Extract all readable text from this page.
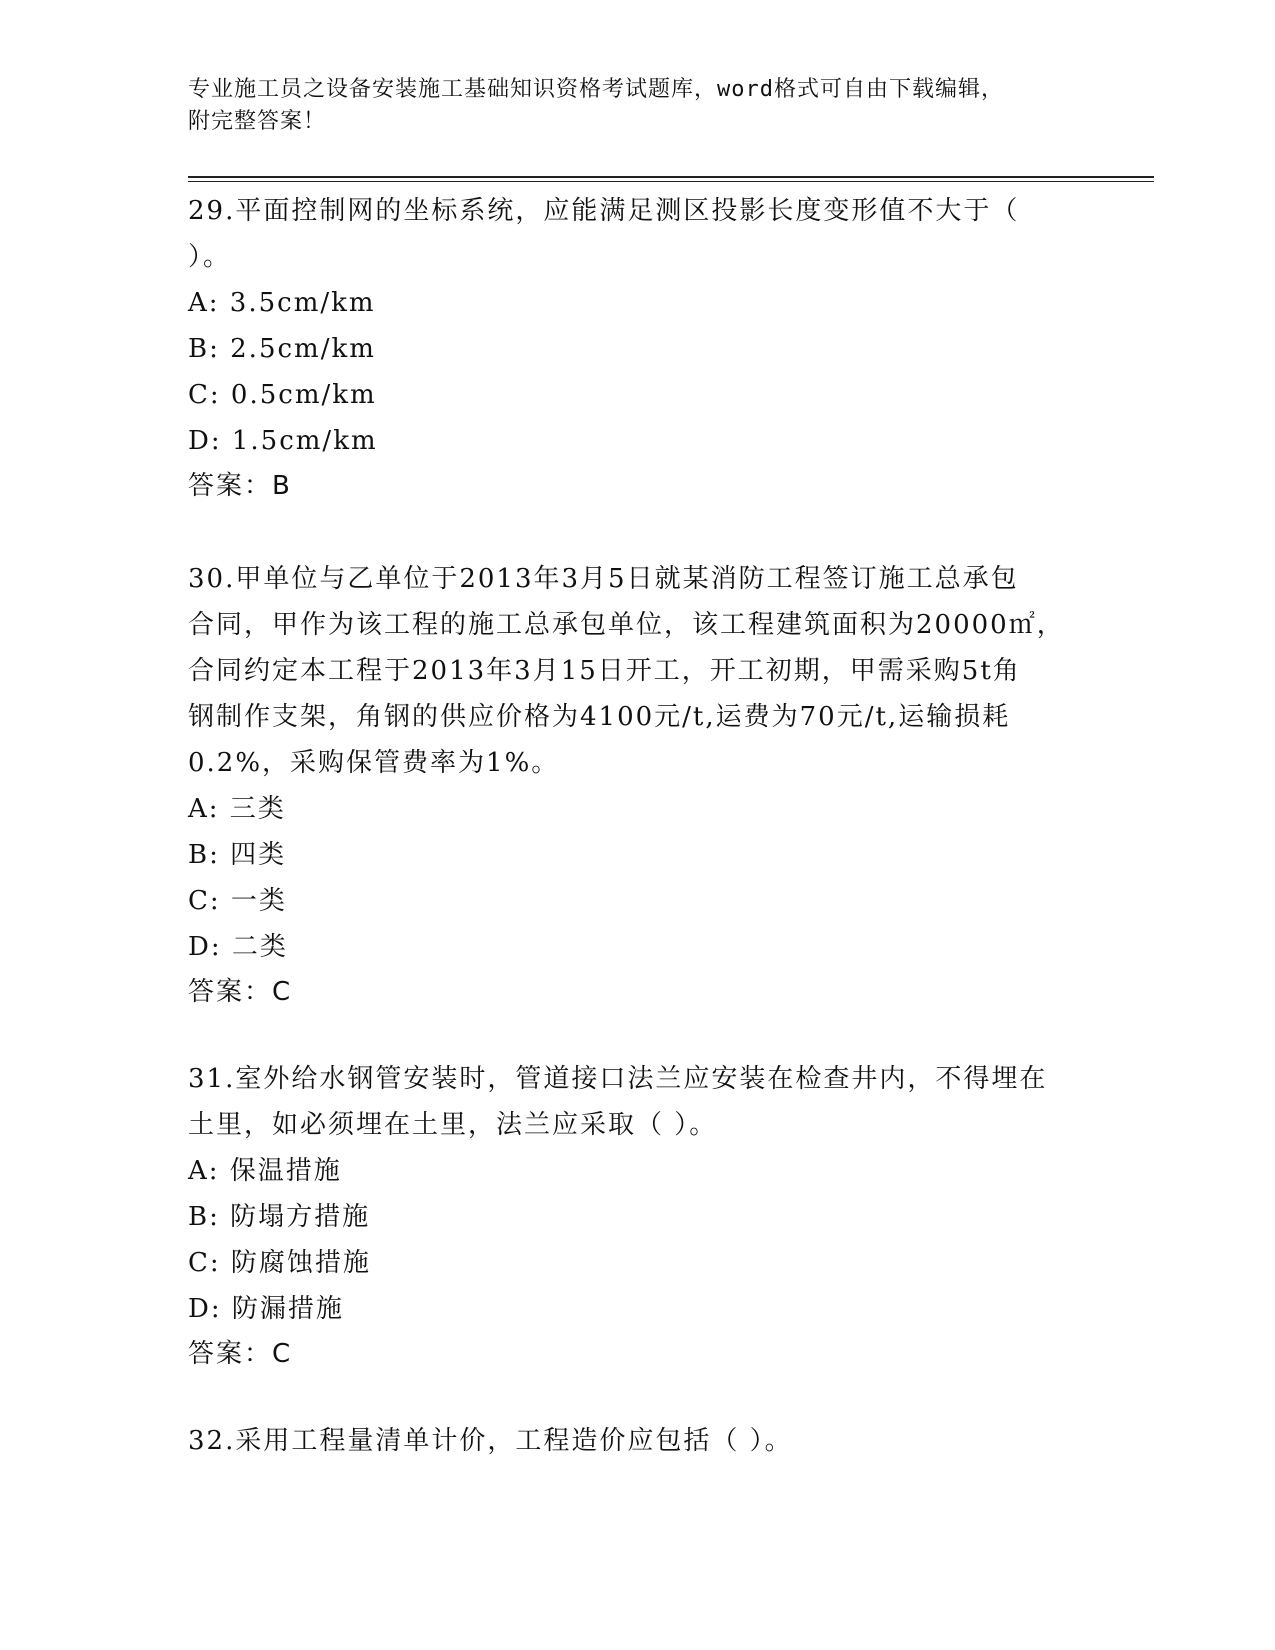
专业施工员之设备安装施工基础知识资格考试题库，word格式可自由下载编辑，
附完整答案！
29.平面控制网的坐标系统，应能满足测区投影长度变形值不大于（
）。
A: 3.5cm/km
B: 2.5cm/km
C: 0.5cm/km
D: 1.5cm/km
答案：B
30.甲单位与乙单位于2013年3月5日就某消防工程签订施工总承包
合同，甲作为该工程的施工总承包单位，该工程建筑面积为20000㎡，
合同约定本工程于2013年3月15日开工，开工初期，甲需采购5t角
钢制作支架，角钢的供应价格为4100元/t,运费为70元/t,运输损耗
0.2%，采购保管费率为1%。
A: 三类
B: 四类
C: 一类
D: 二类
答案：C
31.室外给水钢管安装时，管道接口法兰应安装在检查井内，不得埋在
土里，如必须埋在土里，法兰应采取（ ）。
A: 保温措施
B: 防塌方措施
C: 防腐蚀措施
D: 防漏措施
答案：C
32.采用工程量清单计价，工程造价应包括（ ）。
